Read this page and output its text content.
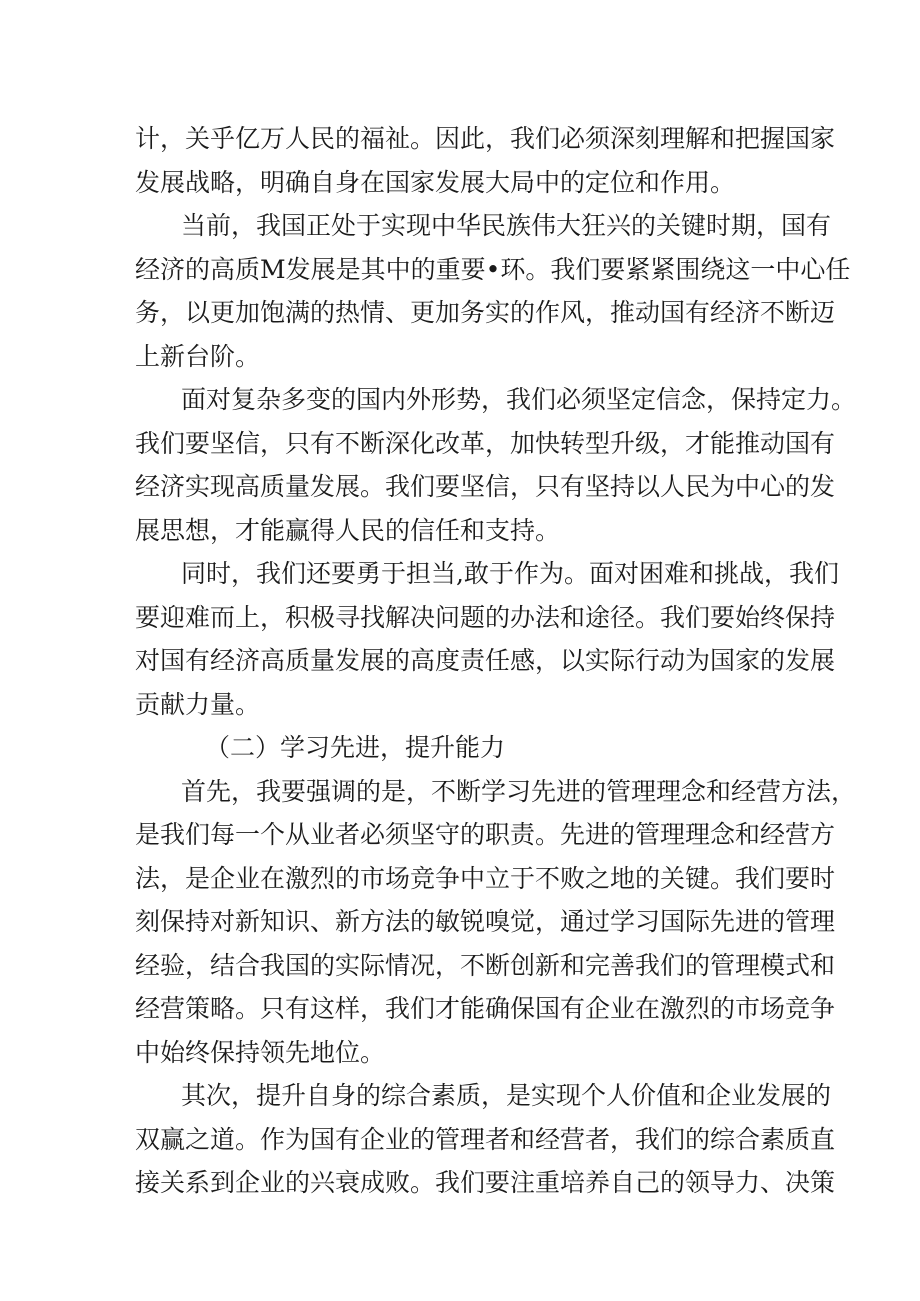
计，关乎亿万人民的福祉。因此，我们必须深刻理解和把握国家
发展战略，明确自身在国家发展大局中的定位和作用。
当前，我国正处于实现中华民族伟大狂兴的关键时期，国有
经济的高质M发展是其中的重要•环。我们要紧紧围绕这一中心任
务，以更加饱满的热情、更加务实的作风，推动国有经济不断迈
上新台阶。
面对复杂多变的国内外形势，我们必须坚定信念，保持定力。
我们要坚信，只有不断深化改革，加快转型升级，才能推动国有
经济实现高质量发展。我们要坚信，只有坚持以人民为中心的发
展思想，才能赢得人民的信任和支持。
同时，我们还要勇于担当,敢于作为。面对困难和挑战，我们
要迎难而上，积极寻找解决问题的办法和途径。我们要始终保持
对国有经济高质量发展的高度责任感，以实际行动为国家的发展
贡献力量。
（二）学习先进，提升能力
首先，我要强调的是，不断学习先进的管理理念和经营方法，
是我们每一个从业者必须坚守的职责。先进的管理理念和经营方
法，是企业在激烈的市场竞争中立于不败之地的关键。我们要时
刻保持对新知识、新方法的敏锐嗅觉，通过学习国际先进的管理
经验，结合我国的实际情况，不断创新和完善我们的管理模式和
经营策略。只有这样，我们才能确保国有企业在激烈的市场竞争
中始终保持领先地位。
其次，提升自身的综合素质，是实现个人价值和企业发展的
双赢之道。作为国有企业的管理者和经营者，我们的综合素质直
接关系到企业的兴衰成败。我们要注重培养自己的领导力、决策
